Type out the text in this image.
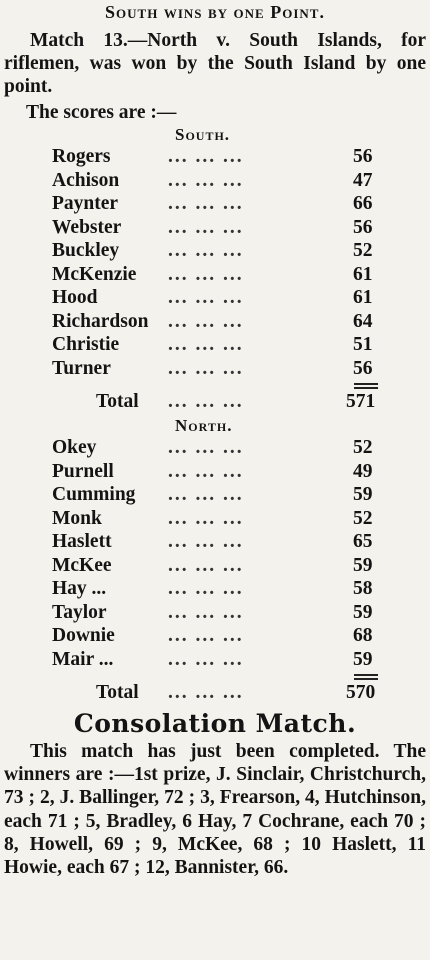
South wins by one Point.
Match 13.—North v. South Islands, for riflemen, was won by the South Island by one point.
The scores are :—
South.
Rogers	... ... ...	56
Achison	... ... ...	47
Paynter	... ... ...	66
Webster ... ... ...	56
Buckley	... ... ...	52
McKenzie ... ... ...	61
Hood	... ... ...	61
Richardson ... ... ...	64
Christie	... ... ...	51
Turner	... ... ...	56
Total ... ... ...	571
North.
Okey	... ... ...	52
Purnell	... ... ...	49
Cumming ... ... ...	59
Monk	... ... ...	52
Haslett	... ... ...	65
McKee	... ... ...	59
Hay ...	... ... ...	58
Taylor	... ... ...	59
Downie	... ... ...	68
Mair ...	... ... ...	59
Total ... ... ...	570
Consolation Match.
This match has just been completed. The winners are :—1st prize, J. Sinclair, Christchurch, 73 ; 2, J. Ballinger, 72 ; 3, Frearson, 4, Hutchinson, each 71 ; 5, Bradley, 6 Hay, 7 Cochrane, each 70 ; 8, Howell, 69 ; 9, McKee, 68 ; 10 Haslett, 11 Howie, each 67 ; 12, Bannister, 66.
